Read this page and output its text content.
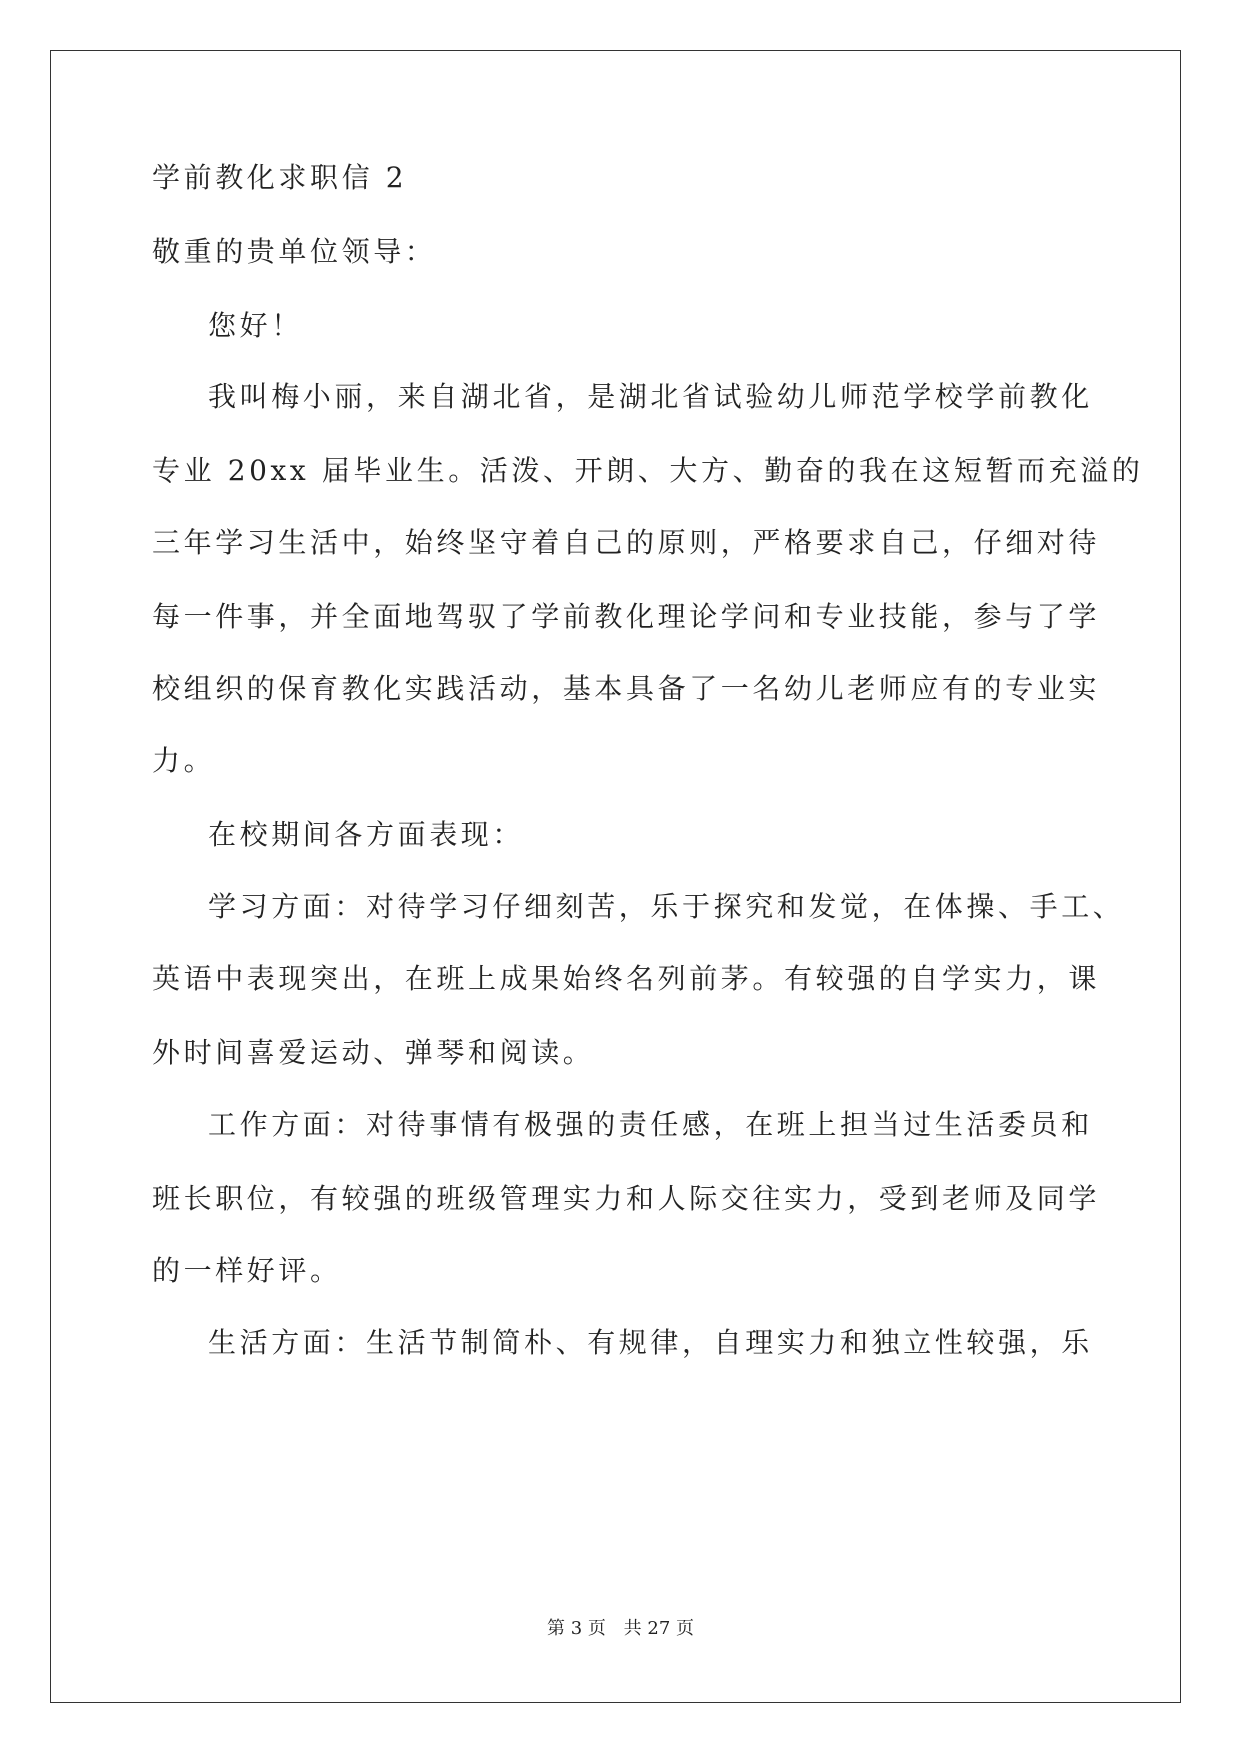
学前教化求职信 2

敬重的贵单位领导：

您好！

我叫梅小丽，来自湖北省，是湖北省试验幼儿师范学校学前教化

专业 20xx 届毕业生。活泼、开朗、大方、勤奋的我在这短暂而充溢的

三年学习生活中，始终坚守着自己的原则，严格要求自己，仔细对待

每一件事，并全面地驾驭了学前教化理论学问和专业技能，参与了学

校组织的保育教化实践活动，基本具备了一名幼儿老师应有的专业实

力。

在校期间各方面表现：

学习方面：对待学习仔细刻苦，乐于探究和发觉，在体操、手工、

英语中表现突出，在班上成果始终名列前茅。有较强的自学实力，课

外时间喜爱运动、弹琴和阅读。

工作方面：对待事情有极强的责任感，在班上担当过生活委员和

班长职位，有较强的班级管理实力和人际交往实力，受到老师及同学

的一样好评。

生活方面：生活节制简朴、有规律，自理实力和独立性较强，乐

第 3 页 共 27 页
